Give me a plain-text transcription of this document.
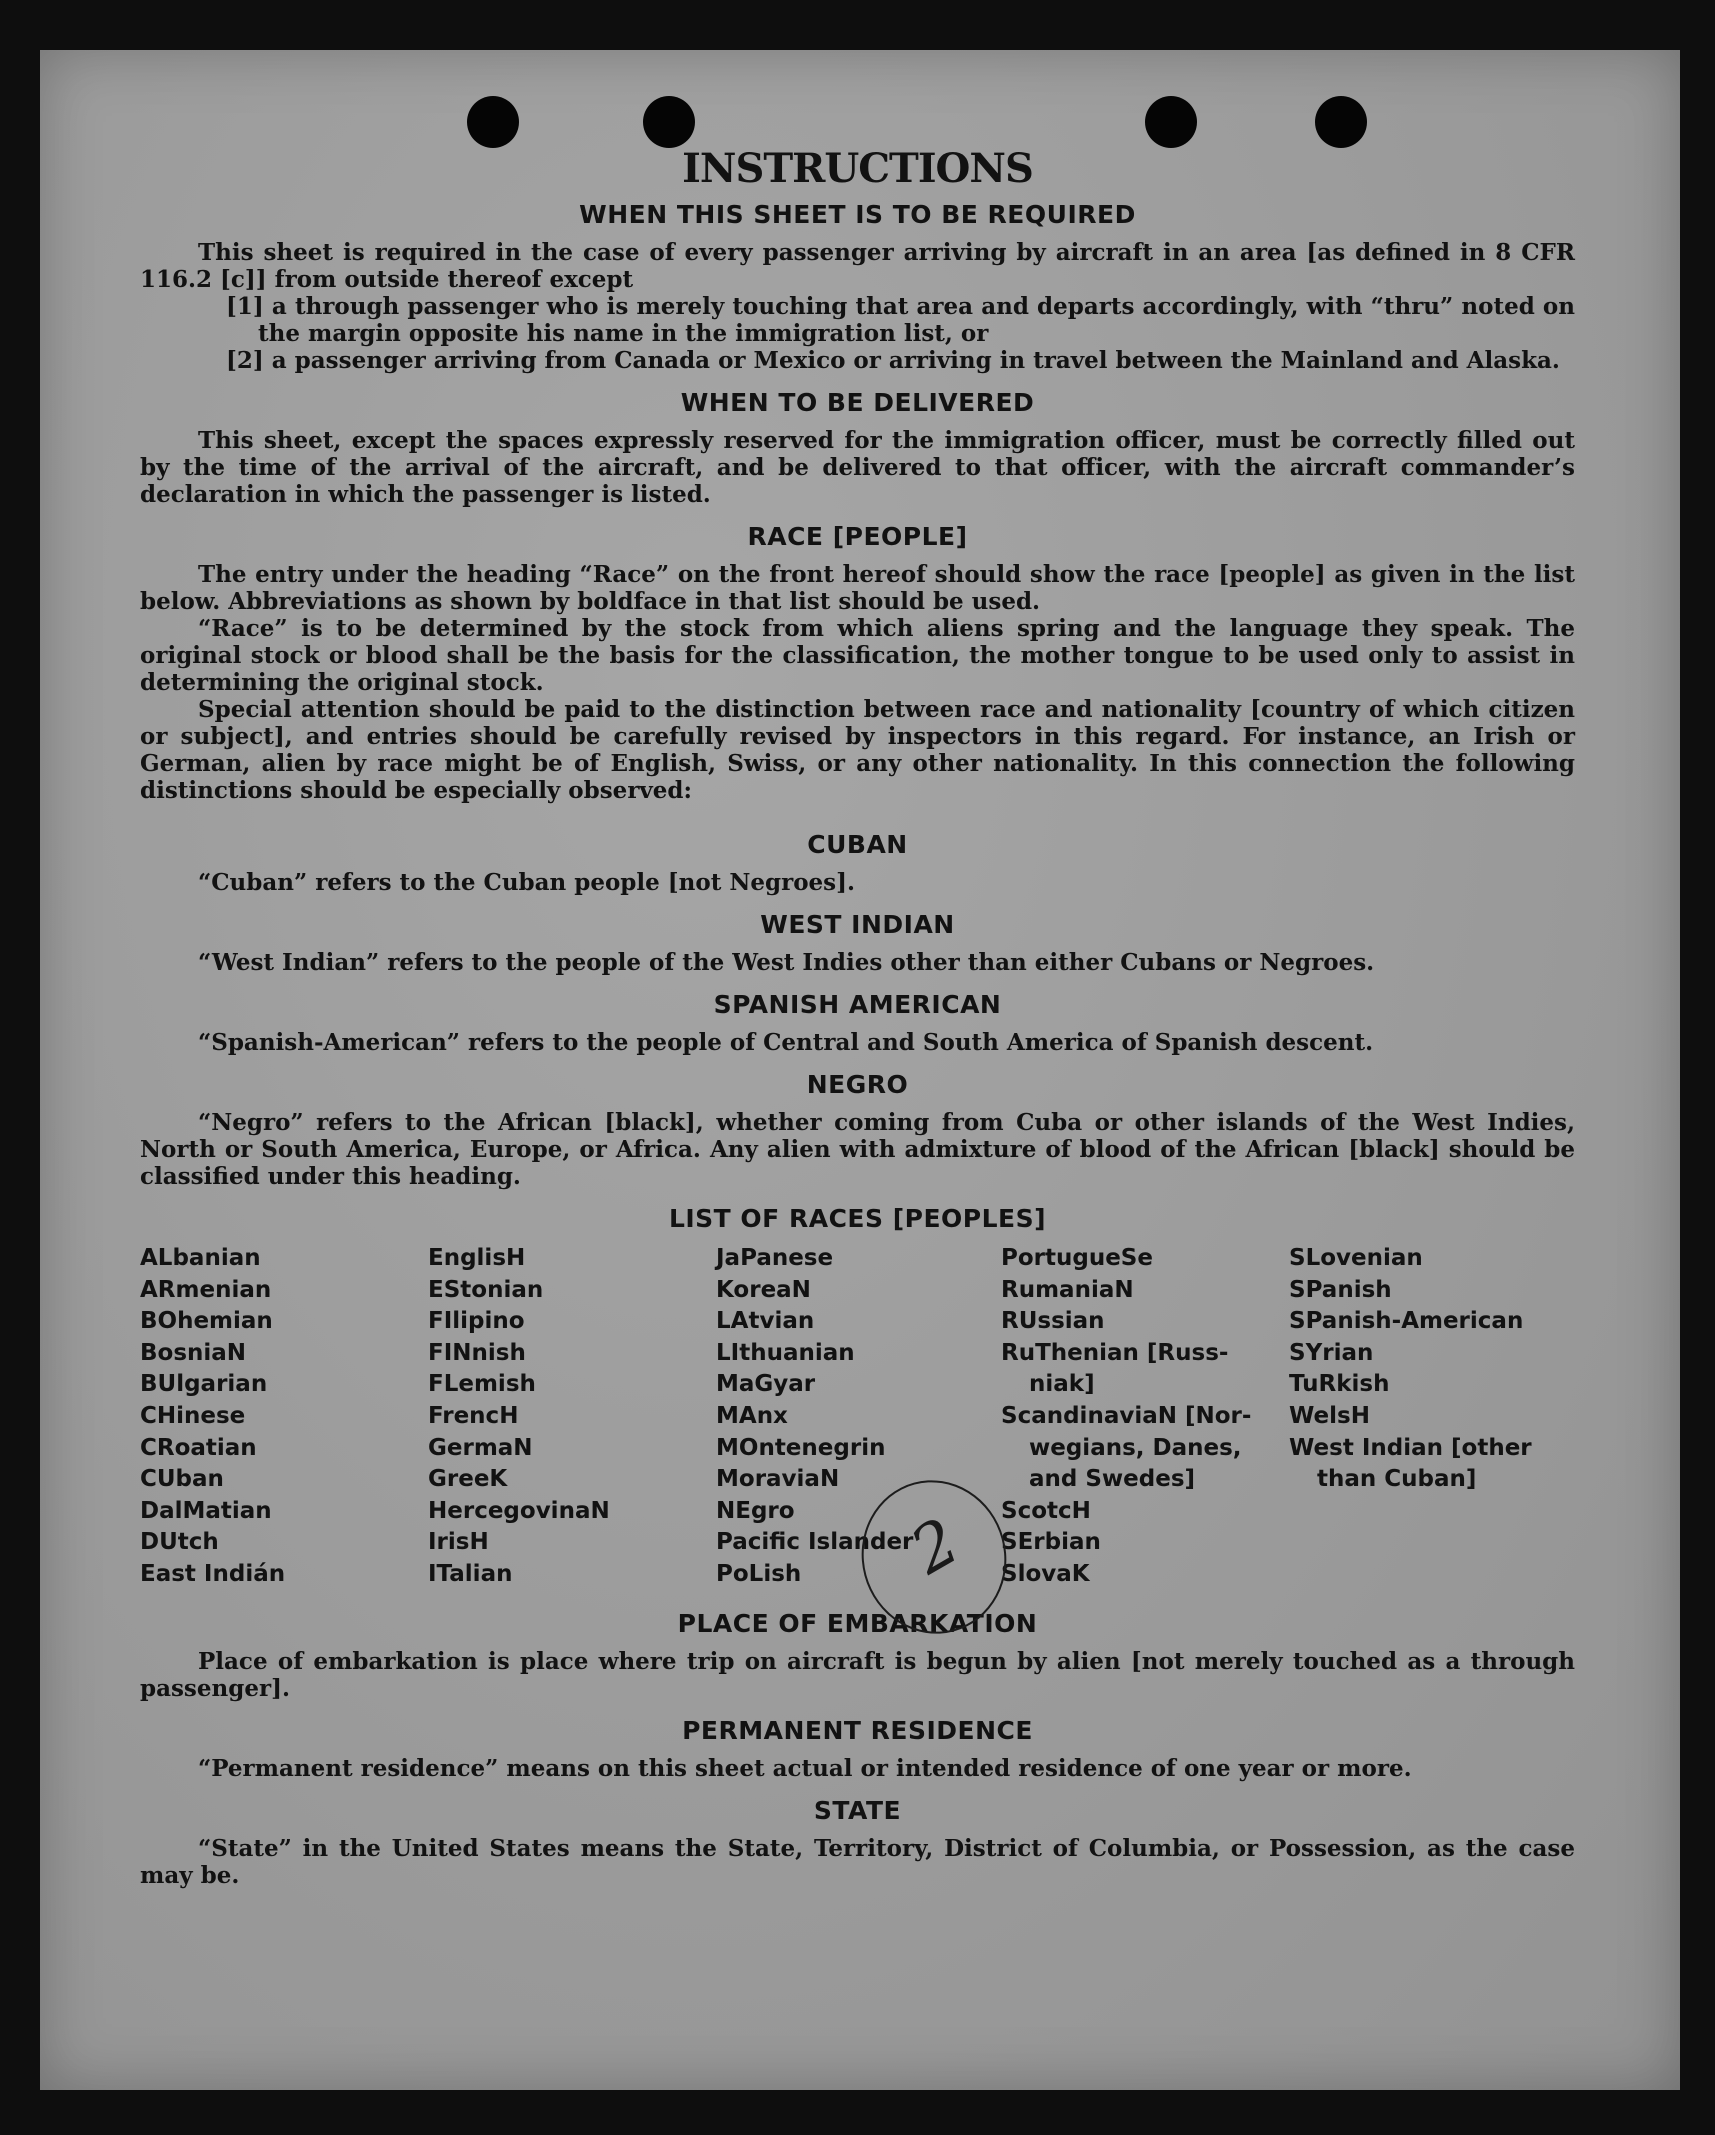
INSTRUCTIONS
WHEN THIS SHEET IS TO BE REQUIRED

This sheet is required in the case of every passenger arriving by aircraft in an area [as defined in 8 CFR 116.2 [c]] from outside thereof except

[1] a through passenger who is merely touching that area and departs accordingly, with “thru” noted on the margin opposite his name in the immigration list, or

[2] a passenger arriving from Canada or Mexico or arriving in travel between the Mainland and Alaska.

WHEN TO BE DELIVERED

This sheet, except the spaces expressly reserved for the immigration officer, must be correctly filled out by the time of the arrival of the aircraft, and be delivered to that officer, with the aircraft commander’s declaration in which the passenger is listed.

RACE [PEOPLE]

The entry under the heading “Race” on the front hereof should show the race [people] as given in the list below. Abbreviations as shown by boldface in that list should be used.

“Race” is to be determined by the stock from which aliens spring and the language they speak. The original stock or blood shall be the basis for the classification, the mother tongue to be used only to assist in determining the original stock.

Special attention should be paid to the distinction between race and nationality [country of which citizen or subject], and entries should be carefully revised by inspectors in this regard. For instance, an Irish or German, alien by race might be of English, Swiss, or any other nationality. In this connection the following distinctions should be especially observed:

CUBAN

“Cuban” refers to the Cuban people [not Negroes].

WEST INDIAN

“West Indian” refers to the people of the West Indies other than either Cubans or Negroes.

SPANISH AMERICAN

“Spanish-American” refers to the people of Central and South America of Spanish descent.

NEGRO

“Negro” refers to the African [black], whether coming from Cuba or other islands of the West Indies, North or South America, Europe, or Africa. Any alien with admixture of blood of the African [black] should be classified under this heading.

LIST OF RACES [PEOPLES]
ALbanian
ARmenian
BOhemian
BosniaN
BUlgarian
CHinese
CRoatian
CUban
DalMatian
DUtch
East Indián
EnglisH
EStonian
FIlipino
FINnish
FLemish
FrencH
GermaN
GreeK
HercegovinaN
IrisH
ITalian
JaPanese
KoreaN
LAtvian
LIthuanian
MaGyar
MAnx
MOntenegrin
MoraviaN
NEgro
Pacific Islander
PoLish
PortugueSe
RumaniaN
RUssian
RuThenian [Russ-
niak]
ScandinaviaN [Nor-
wegians, Danes,
and Swedes]
ScotcH
SErbian
SlovaK
SLovenian
SPanish
SPanish-American
SYrian
TuRkish
WelsH
West Indian [other
than Cuban]
PLACE OF EMBARKATION

Place of embarkation is place where trip on aircraft is begun by alien [not merely touched as a through passenger].

PERMANENT RESIDENCE

“Permanent residence” means on this sheet actual or intended residence of one year or more.

STATE

“State” in the United States means the State, Territory, District of Columbia, or Possession, as the case may be.

2
